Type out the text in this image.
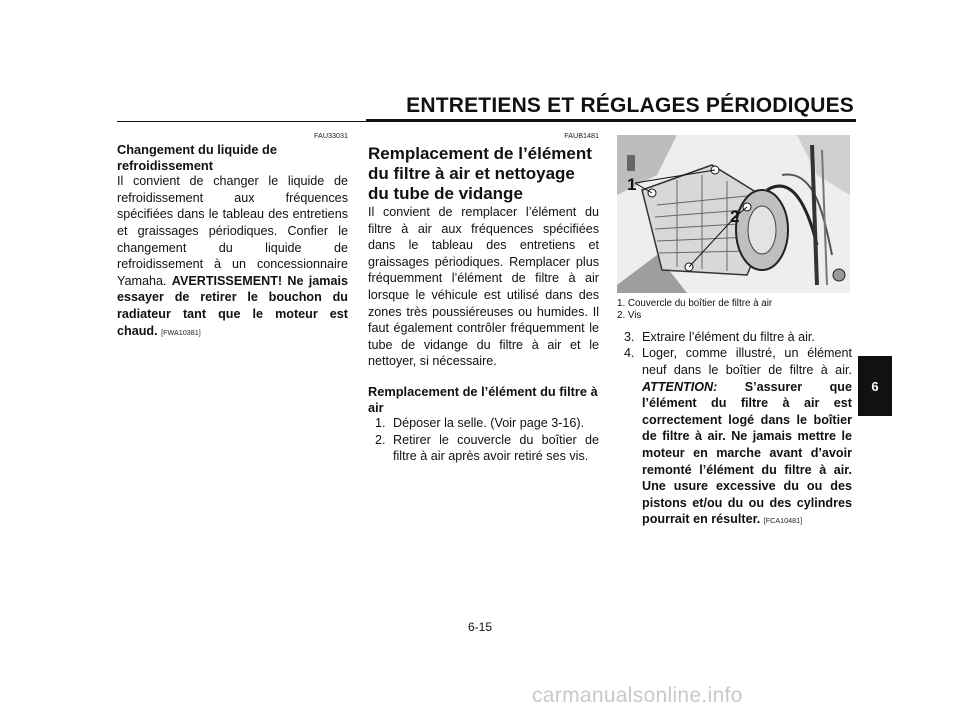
ENTRETIENS ET RÉGLAGES PÉRIODIQUES
FAU33031
Changement du liquide de refroidissement

Il convient de changer le liquide de refroidissement aux fréquences spécifiées dans le tableau des entretiens et graissages périodiques. Confier le changement du liquide de refroidissement à un concessionnaire Yamaha. AVERTISSEMENT! Ne jamais essayer de retirer le bouchon du radiateur tant que le moteur est chaud. [FWA10381]

FAUB1481
Remplacement de l’élément du filtre à air et nettoyage du tube de vidange

Il convient de remplacer l’élément du filtre à air aux fréquences spécifiées dans le tableau des entretiens et graissages périodiques. Remplacer plus fréquemment l’élément de filtre à air lorsque le véhicule est utilisé dans des zones très poussiéreuses ou humides. Il faut également contrôler fréquemment le tube de vidange du filtre à air et le nettoyer, si nécessaire.

Remplacement de l’élément du filtre à air
1. Déposer la selle. (Voir page 3-16).
2. Retirer le couvercle du boîtier de filtre à air après avoir retiré ses vis.
1
2
1. Couvercle du boîtier de filtre à air
2. Vis
3. Extraire l’élément du filtre à air.
4. Loger, comme illustré, un élément neuf dans le boîtier de filtre à air. ATTENTION: S’assurer que l’élément du filtre à air est correctement logé dans le boîtier de filtre à air. Ne jamais mettre le moteur en marche avant d’avoir remonté l’élément du filtre à air. Une usure excessive du ou des pistons et/ou du ou des cylindres pourrait en résulter. [FCA10481]
6
6-15
carmanualsonline.info
